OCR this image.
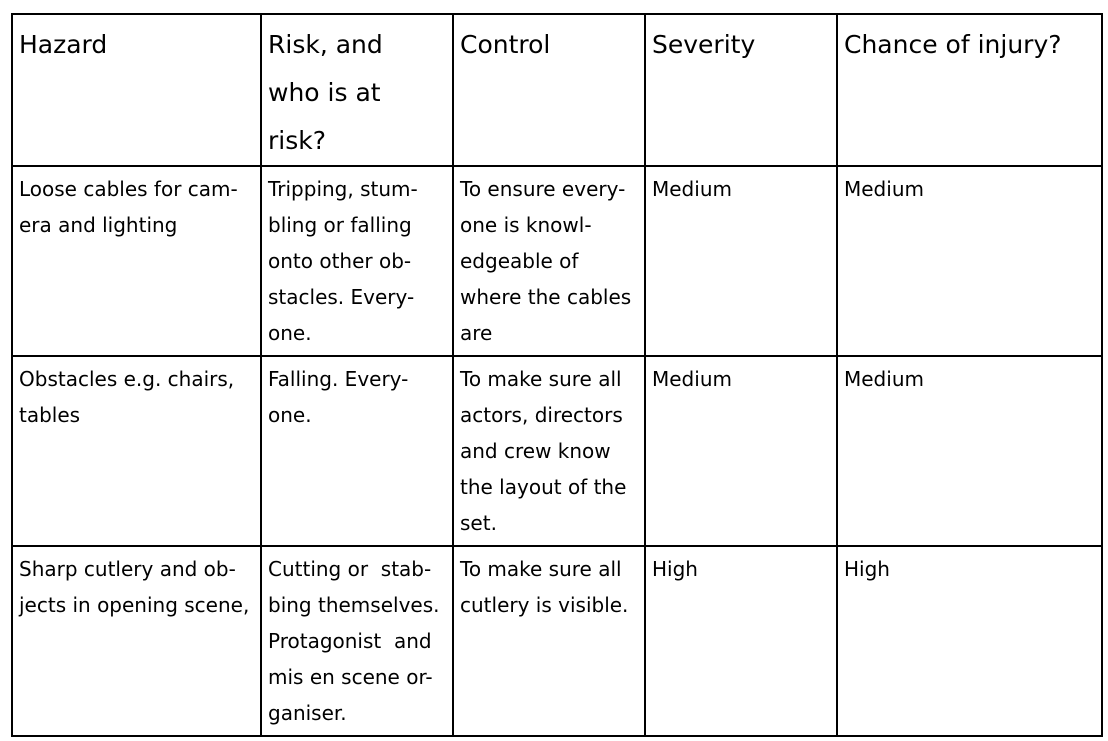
Hazard	Risk, and
who is at
risk?	Control	Severity	Chance of injury?

Loose cables for cam-
era and lighting	Tripping, stum-
bling or falling
onto other ob-
stacles. Every-
one.	To ensure every-
one is knowl-
edgeable of
where the cables
are	Medium	Medium

Obstacles e.g. chairs,
tables	Falling. Every-
one.	To make sure all
actors, directors
and crew know
the layout of the
set.	Medium	Medium

Sharp cutlery and ob-
jects in opening scene,	Cutting or  stab-
bing themselves.
Protagonist  and
mis en scene or-
ganiser.	To make sure all
cutlery is visible.	High	High
